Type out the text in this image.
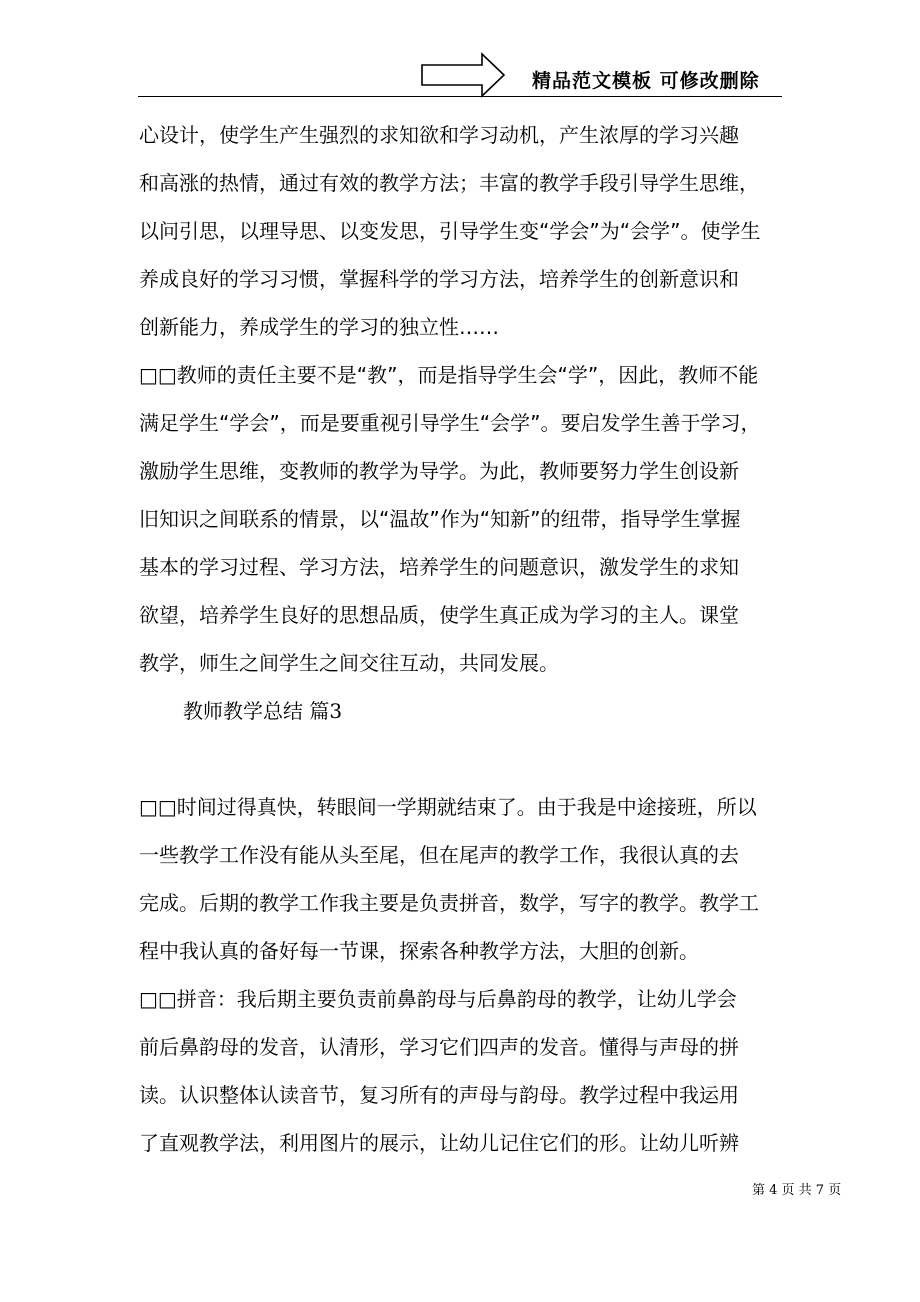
精品范文模板 可修改删除
心设计，使学生产生强烈的求知欲和学习动机，产生浓厚的学习兴趣
和高涨的热情，通过有效的教学方法；丰富的教学手段引导学生思维，
以问引思，以理导思、以变发思，引导学生变“学会”为“会学”。使学生
养成良好的学习习惯，掌握科学的学习方法，培养学生的创新意识和
创新能力，养成学生的学习的独立性……
□□教师的责任主要不是“教”，而是指导学生会“学”，因此，教师不能
满足学生“学会”，而是要重视引导学生“会学”。要启发学生善于学习，
激励学生思维，变教师的教学为导学。为此，教师要努力学生创设新
旧知识之间联系的情景，以“温故”作为“知新”的纽带，指导学生掌握
基本的学习过程、学习方法，培养学生的问题意识，激发学生的求知
欲望，培养学生良好的思想品质，使学生真正成为学习的主人。课堂
教学，师生之间学生之间交往互动，共同发展。
教师教学总结 篇3
□□时间过得真快，转眼间一学期就结束了。由于我是中途接班，所以
一些教学工作没有能从头至尾，但在尾声的教学工作，我很认真的去
完成。后期的教学工作我主要是负责拼音，数学，写字的教学。教学工
程中我认真的备好每一节课，探索各种教学方法，大胆的创新。
□□拼音：我后期主要负责前鼻韵母与后鼻韵母的教学，让幼儿学会
前后鼻韵母的发音，认清形，学习它们四声的发音。懂得与声母的拼
读。认识整体认读音节，复习所有的声母与韵母。教学过程中我运用
了直观教学法，利用图片的展示，让幼儿记住它们的形。让幼儿听辨
第 4 页 共 7 页
